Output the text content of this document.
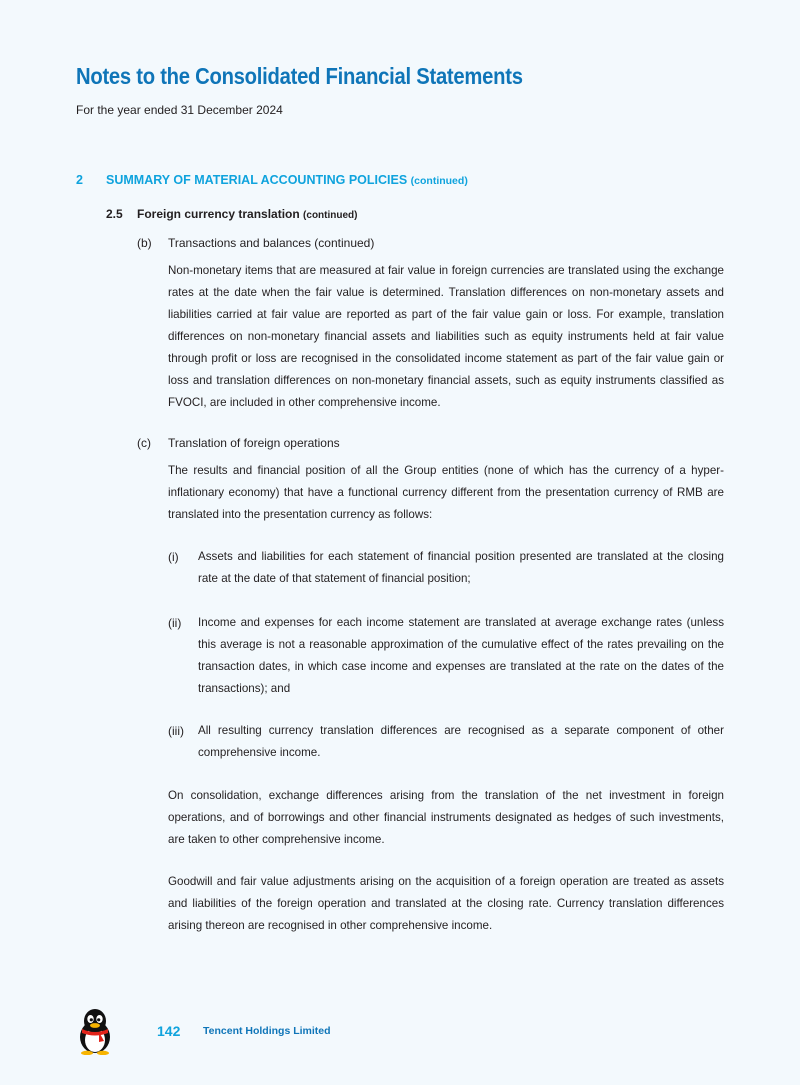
Notes to the Consolidated Financial Statements

For the year ended 31 December 2024

2 SUMMARY OF MATERIAL ACCOUNTING POLICIES (continued)
2.5 Foreign currency translation (continued)
(b) Transactions and balances (continued)

Non-monetary items that are measured at fair value in foreign currencies are translated using the exchange rates at the date when the fair value is determined. Translation differences on non-monetary assets and liabilities carried at fair value are reported as part of the fair value gain or loss. For example, translation differences on non-monetary financial assets and liabilities such as equity instruments held at fair value through profit or loss are recognised in the consolidated income statement as part of the fair value gain or loss and translation differences on non-monetary financial assets, such as equity instruments classified as FVOCI, are included in other comprehensive income.

(c) Translation of foreign operations

The results and financial position of all the Group entities (none of which has the currency of a hyper-inflationary economy) that have a functional currency different from the presentation currency of RMB are translated into the presentation currency as follows:

(i) Assets and liabilities for each statement of financial position presented are translated at the closing rate at the date of that statement of financial position;

(ii) Income and expenses for each income statement are translated at average exchange rates (unless this average is not a reasonable approximation of the cumulative effect of the rates prevailing on the transaction dates, in which case income and expenses are translated at the rate on the dates of the transactions); and

(iii) All resulting currency translation differences are recognised as a separate component of other comprehensive income.

On consolidation, exchange differences arising from the translation of the net investment in foreign operations, and of borrowings and other financial instruments designated as hedges of such investments, are taken to other comprehensive income.

Goodwill and fair value adjustments arising on the acquisition of a foreign operation are treated as assets and liabilities of the foreign operation and translated at the closing rate. Currency translation differences arising thereon are recognised in other comprehensive income.

142 Tencent Holdings Limited
